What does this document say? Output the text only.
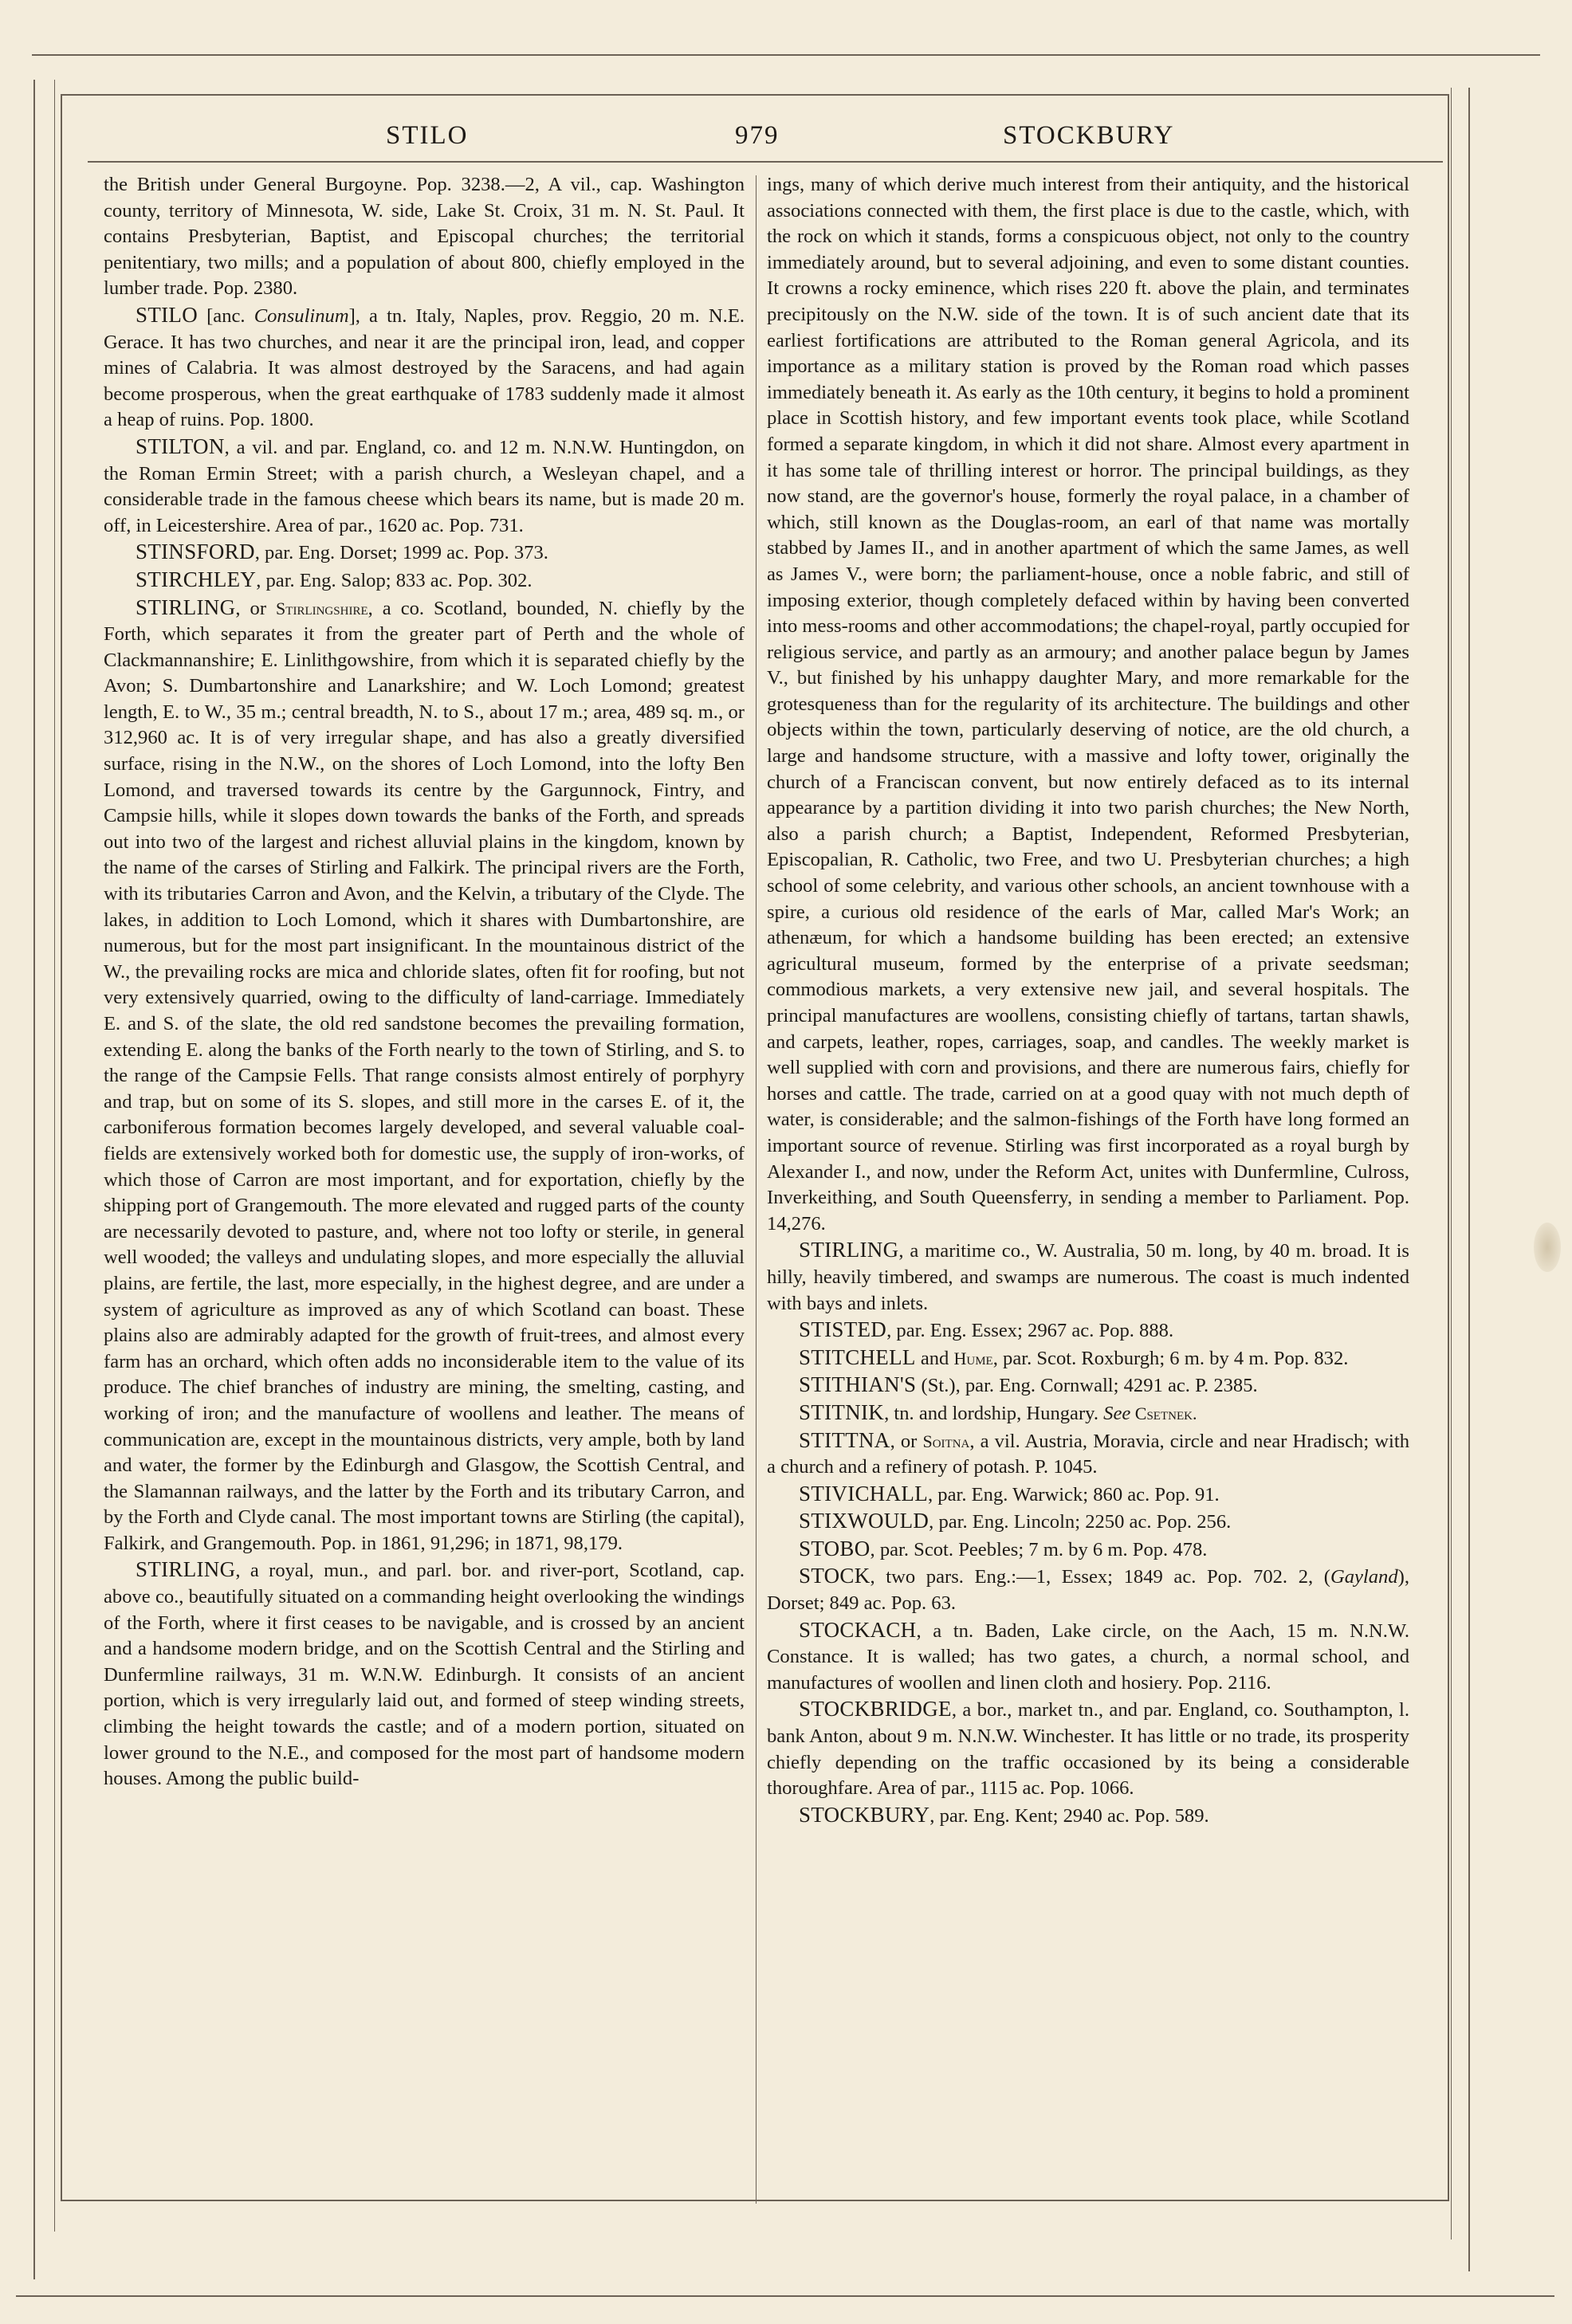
STILO	979	STOCKBURY

the British under General Burgoyne. Pop. 3238.—2, A vil., cap. Washington county, territory of Minnesota, W. side, Lake St. Croix, 31 m. N. St. Paul. It contains Presbyterian, Baptist, and Episcopal churches; the territorial penitentiary, two mills; and a population of about 800, chiefly employed in the lumber trade. Pop. 2380.

STILO [anc. Consulinum], a tn. Italy, Naples, prov. Reggio, 20 m. N.E. Gerace. It has two churches, and near it are the principal iron, lead, and copper mines of Calabria. It was almost destroyed by the Saracens, and had again become prosperous, when the great earthquake of 1783 suddenly made it almost a heap of ruins. Pop. 1800.

STILTON, a vil. and par. England, co. and 12 m. N.N.W. Huntingdon, on the Roman Ermin Street; with a parish church, a Wesleyan chapel, and a considerable trade in the famous cheese which bears its name, but is made 20 m. off, in Leicestershire. Area of par., 1620 ac. Pop. 731.

STINSFORD, par. Eng. Dorset; 1999 ac. Pop. 373.

STIRCHLEY, par. Eng. Salop; 833 ac. Pop. 302.

STIRLING, or Stirlingshire, a co. Scotland, bounded, N. chiefly by the Forth, which separates it from the greater part of Perth and the whole of Clackmannanshire; E. Linlithgowshire, from which it is separated chiefly by the Avon; S. Dumbartonshire and Lanarkshire; and W. Loch Lomond; greatest length, E. to W., 35 m.; central breadth, N. to S., about 17 m.; area, 489 sq. m., or 312,960 ac. It is of very irregular shape, and has also a greatly diversified surface, rising in the N.W., on the shores of Loch Lomond, into the lofty Ben Lomond, and traversed towards its centre by the Gargunnock, Fintry, and Campsie hills, while it slopes down towards the banks of the Forth, and spreads out into two of the largest and richest alluvial plains in the kingdom, known by the name of the carses of Stirling and Falkirk. The principal rivers are the Forth, with its tributaries Carron and Avon, and the Kelvin, a tributary of the Clyde. The lakes, in addition to Loch Lomond, which it shares with Dumbartonshire, are numerous, but for the most part insignificant. In the mountainous district of the W., the prevailing rocks are mica and chloride slates, often fit for roofing, but not very extensively quarried, owing to the difficulty of land-carriage. Immediately E. and S. of the slate, the old red sandstone becomes the prevailing formation, extending E. along the banks of the Forth nearly to the town of Stirling, and S. to the range of the Campsie Fells. That range consists almost entirely of porphyry and trap, but on some of its S. slopes, and still more in the carses E. of it, the carboniferous formation becomes largely developed, and several valuable coal-fields are extensively worked both for domestic use, the supply of iron-works, of which those of Carron are most important, and for exportation, chiefly by the shipping port of Grangemouth. The more elevated and rugged parts of the county are necessarily devoted to pasture, and, where not too lofty or sterile, in general well wooded; the valleys and undulating slopes, and more especially the alluvial plains, are fertile, the last, more especially, in the highest degree, and are under a system of agriculture as improved as any of which Scotland can boast. These plains also are admirably adapted for the growth of fruit-trees, and almost every farm has an orchard, which often adds no inconsiderable item to the value of its produce. The chief branches of industry are mining, the smelting, casting, and working of iron; and the manufacture of woollens and leather. The means of communication are, except in the mountainous districts, very ample, both by land and water, the former by the Edinburgh and Glasgow, the Scottish Central, and the Slamannan railways, and the latter by the Forth and its tributary Carron, and by the Forth and Clyde canal. The most important towns are Stirling (the capital), Falkirk, and Grangemouth. Pop. in 1861, 91,296; in 1871, 98,179.

STIRLING, a royal, mun., and parl. bor. and river-port, Scotland, cap. above co., beautifully situated on a commanding height overlooking the windings of the Forth, where it first ceases to be navigable, and is crossed by an ancient and a handsome modern bridge, and on the Scottish Central and the Stirling and Dunfermline railways, 31 m. W.N.W. Edinburgh. It consists of an ancient portion, which is very irregularly laid out, and formed of steep winding streets, climbing the height towards the castle; and of a modern portion, situated on lower ground to the N.E., and composed for the most part of handsome modern houses. Among the public build-

ings, many of which derive much interest from their antiquity, and the historical associations connected with them, the first place is due to the castle, which, with the rock on which it stands, forms a conspicuous object, not only to the country immediately around, but to several adjoining, and even to some distant counties. It crowns a rocky eminence, which rises 220 ft. above the plain, and terminates precipitously on the N.W. side of the town. It is of such ancient date that its earliest fortifications are attributed to the Roman general Agricola, and its importance as a military station is proved by the Roman road which passes immediately beneath it. As early as the 10th century, it begins to hold a prominent place in Scottish history, and few important events took place, while Scotland formed a separate kingdom, in which it did not share. Almost every apartment in it has some tale of thrilling interest or horror. The principal buildings, as they now stand, are the governor's house, formerly the royal palace, in a chamber of which, still known as the Douglas-room, an earl of that name was mortally stabbed by James II., and in another apartment of which the same James, as well as James V., were born; the parliament-house, once a noble fabric, and still of imposing exterior, though completely defaced within by having been converted into mess-rooms and other accommodations; the chapel-royal, partly occupied for religious service, and partly as an armoury; and another palace begun by James V., but finished by his unhappy daughter Mary, and more remarkable for the grotesqueness than for the regularity of its architecture. The buildings and other objects within the town, particularly deserving of notice, are the old church, a large and handsome structure, with a massive and lofty tower, originally the church of a Franciscan convent, but now entirely defaced as to its internal appearance by a partition dividing it into two parish churches; the New North, also a parish church; a Baptist, Independent, Reformed Presbyterian, Episcopalian, R. Catholic, two Free, and two U. Presbyterian churches; a high school of some celebrity, and various other schools, an ancient townhouse with a spire, a curious old residence of the earls of Mar, called Mar's Work; an athenæum, for which a handsome building has been erected; an extensive agricultural museum, formed by the enterprise of a private seedsman; commodious markets, a very extensive new jail, and several hospitals. The principal manufactures are woollens, consisting chiefly of tartans, tartan shawls, and carpets, leather, ropes, carriages, soap, and candles. The weekly market is well supplied with corn and provisions, and there are numerous fairs, chiefly for horses and cattle. The trade, carried on at a good quay with not much depth of water, is considerable; and the salmon-fishings of the Forth have long formed an important source of revenue. Stirling was first incorporated as a royal burgh by Alexander I., and now, under the Reform Act, unites with Dunfermline, Culross, Inverkeithing, and South Queensferry, in sending a member to Parliament. Pop. 14,276.

STIRLING, a maritime co., W. Australia, 50 m. long, by 40 m. broad. It is hilly, heavily timbered, and swamps are numerous. The coast is much indented with bays and inlets.

STISTED, par. Eng. Essex; 2967 ac. Pop. 888.

STITCHELL and Hume, par. Scot. Roxburgh; 6 m. by 4 m. Pop. 832.

STITHIAN'S (St.), par. Eng. Cornwall; 4291 ac. P. 2385.

STITNIK, tn. and lordship, Hungary. See Csetnek.

STITTNA, or Soitna, a vil. Austria, Moravia, circle and near Hradisch; with a church and a refinery of potash. P. 1045.

STIVICHALL, par. Eng. Warwick; 860 ac. Pop. 91.

STIXWOULD, par. Eng. Lincoln; 2250 ac. Pop. 256.

STOBO, par. Scot. Peebles; 7 m. by 6 m. Pop. 478.

STOCK, two pars. Eng.:—1, Essex; 1849 ac. Pop. 702. 2, (Gayland), Dorset; 849 ac. Pop. 63.

STOCKACH, a tn. Baden, Lake circle, on the Aach, 15 m. N.N.W. Constance. It is walled; has two gates, a church, a normal school, and manufactures of woollen and linen cloth and hosiery. Pop. 2116.

STOCKBRIDGE, a bor., market tn., and par. England, co. Southampton, l. bank Anton, about 9 m. N.N.W. Winchester. It has little or no trade, its prosperity chiefly depending on the traffic occasioned by its being a considerable thoroughfare. Area of par., 1115 ac. Pop. 1066.

STOCKBURY, par. Eng. Kent; 2940 ac. Pop. 589.
